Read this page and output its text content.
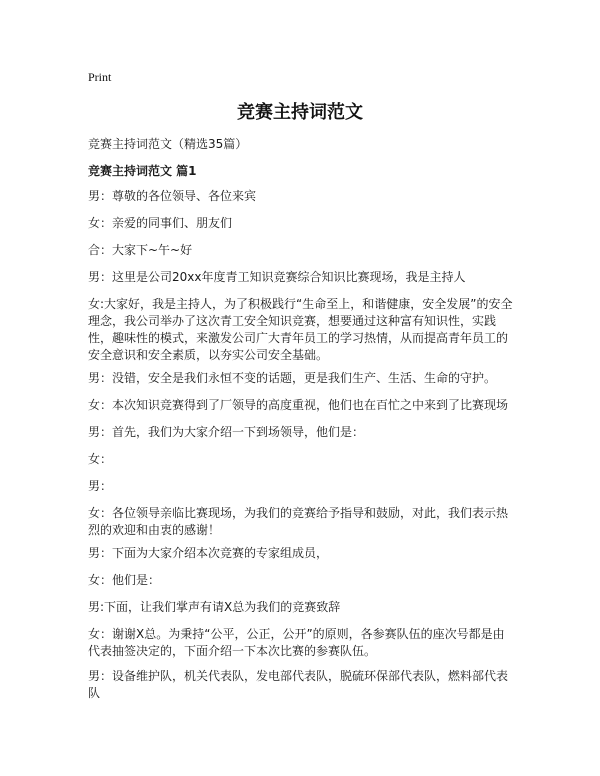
Print
竞赛主持词范文
竞赛主持词范文（精选35篇）
竞赛主持词范文 篇1
男：尊敬的各位领导、各位来宾
女：亲爱的同事们、朋友们
合：大家下~午~好
男：这里是公司20xx年度青工知识竞赛综合知识比赛现场，我是主持人
女:大家好，我是主持人，为了积极践行“生命至上，和谐健康，安全发展”的安全理念，我公司举办了这次青工安全知识竞赛，想要通过这种富有知识性，实践性，趣味性的模式，来激发公司广大青年员工的学习热情，从而提高青年员工的安全意识和安全素质，以夯实公司安全基础。
男：没错，安全是我们永恒不变的话题，更是我们生产、生活、生命的守护。
女：本次知识竞赛得到了厂领导的高度重视，他们也在百忙之中来到了比赛现场
男：首先，我们为大家介绍一下到场领导，他们是：
女：
男：
女：各位领导亲临比赛现场，为我们的竞赛给予指导和鼓励，对此，我们表示热烈的欢迎和由衷的感谢！
男：下面为大家介绍本次竞赛的专家组成员，
女：他们是：
男:下面，让我们掌声有请X总为我们的竞赛致辞
女：谢谢X总。为秉持“公平，公正，公开”的原则，各参赛队伍的座次号都是由代表抽签决定的，下面介绍一下本次比赛的参赛队伍。
男：设备维护队，机关代表队，发电部代表队，脱硫环保部代表队，燃料部代表队
